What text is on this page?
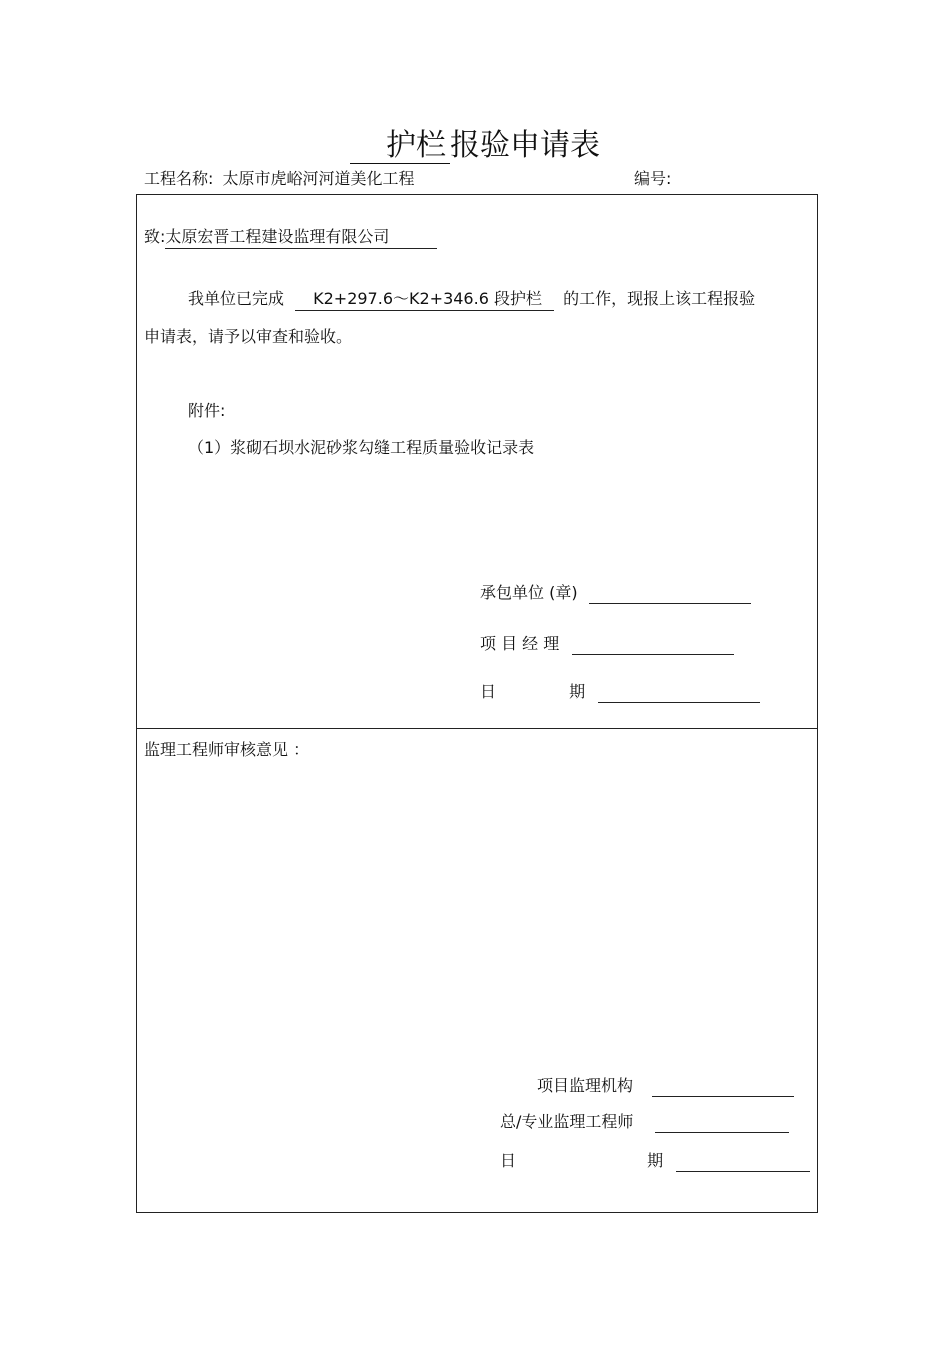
护栏 报验申请表
工程名称: 太原市虎峪河河道美化工程	编号:
致:太原宏晋工程建设监理有限公司
我单位已完成 K2+297.6～K2+346.6 段护栏 的工作，现报上该工程报验
申请表，请予以审查和验收。
附件:
（1）浆砌石坝水泥砂浆勾缝工程质量验收记录表
承包单位 (章)
项 目 经 理
日	期
监理工程师审核意见 ：
项目监理机构
总/专业监理工程师
日	期
